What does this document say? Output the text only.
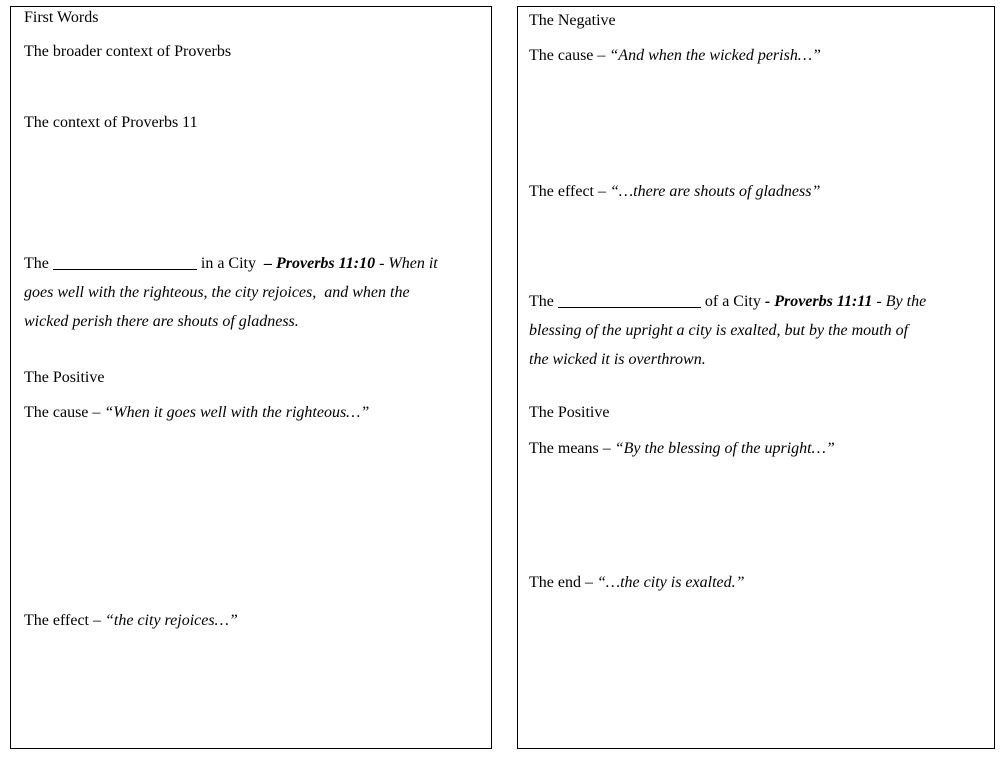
First Words
The broader context of Proverbs
The context of Proverbs 11
The	in a City  – Proverbs 11:10 - When it
goes well with the righteous, the city rejoices,  and when the
wicked perish there are shouts of gladness.
The Positive
The cause – “When it goes well with the righteous…”
The effect – “the city rejoices…”
The Negative
The cause – “And when the wicked perish…”
The effect – “…there are shouts of gladness”
The	of a City - Proverbs 11:11 - By the
blessing of the upright a city is exalted, but by the mouth of
the wicked it is overthrown.
The Positive
The means – “By the blessing of the upright…”
The end – “…the city is exalted.”
